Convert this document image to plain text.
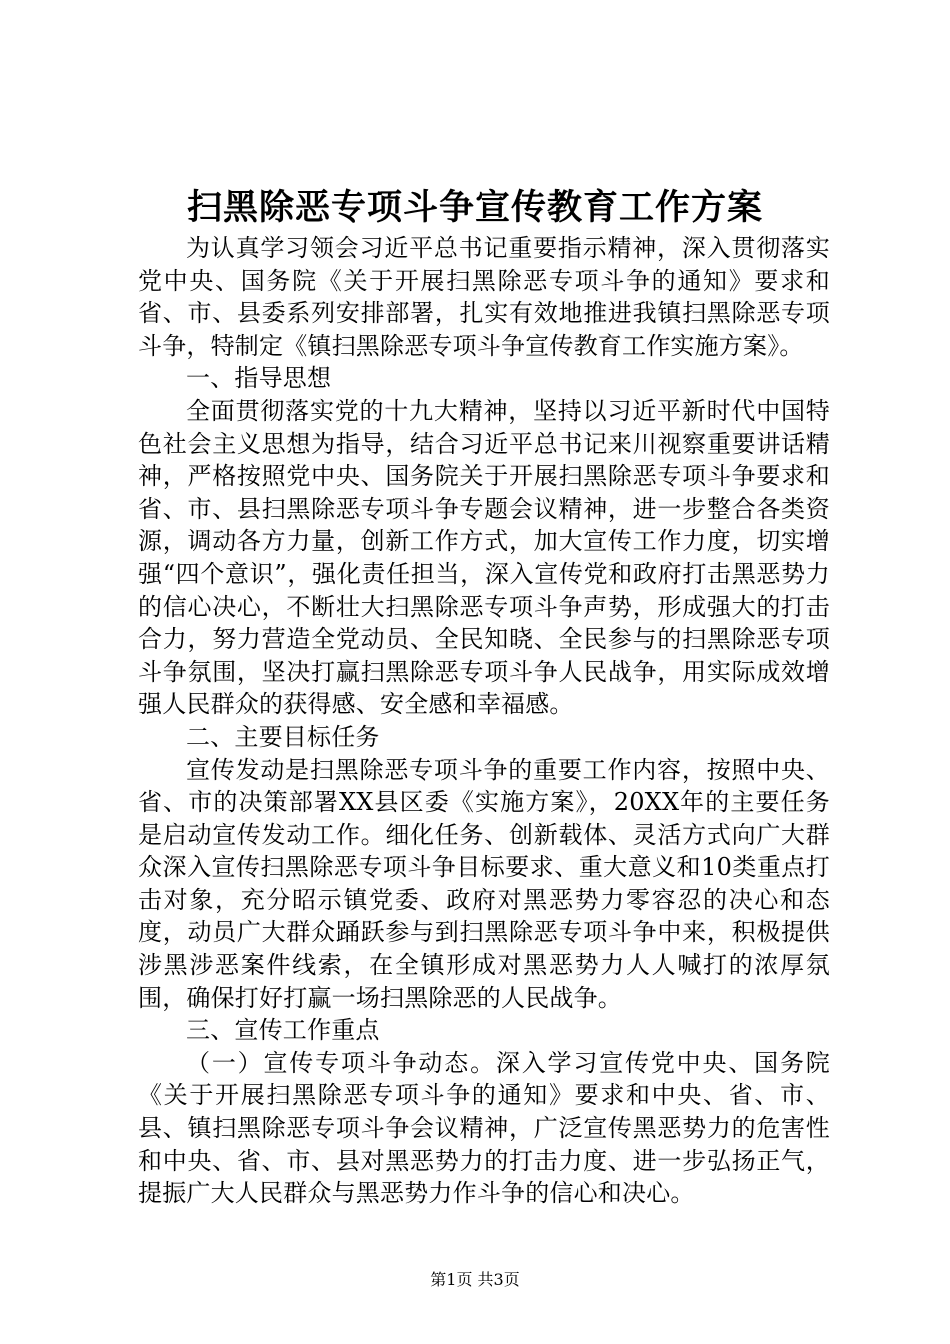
扫黑除恶专项斗争宣传教育工作方案

为认真学习领会习近平总书记重要指示精神，深入贯彻落实党中央、国务院《关于开展扫黑除恶专项斗争的通知》要求和省、市、县委系列安排部署，扎实有效地推进我镇扫黑除恶专项斗争，特制定《镇扫黑除恶专项斗争宣传教育工作实施方案》。

一、指导思想

全面贯彻落实党的十九大精神，坚持以习近平新时代中国特色社会主义思想为指导，结合习近平总书记来川视察重要讲话精神，严格按照党中央、国务院关于开展扫黑除恶专项斗争要求和省、市、县扫黑除恶专项斗争专题会议精神，进一步整合各类资源，调动各方力量，创新工作方式，加大宣传工作力度，切实增强“四个意识”，强化责任担当，深入宣传党和政府打击黑恶势力的信心决心，不断壮大扫黑除恶专项斗争声势，形成强大的打击合力，努力营造全党动员、全民知晓、全民参与的扫黑除恶专项斗争氛围，坚决打赢扫黑除恶专项斗争人民战争，用实际成效增强人民群众的获得感、安全感和幸福感。

二、主要目标任务

宣传发动是扫黑除恶专项斗争的重要工作内容，按照中央、省、市的决策部署XX县区委《实施方案》，20XX年的主要任务是启动宣传发动工作。细化任务、创新载体、灵活方式向广大群众深入宣传扫黑除恶专项斗争目标要求、重大意义和10类重点打击对象，充分昭示镇党委、政府对黑恶势力零容忍的决心和态度，动员广大群众踊跃参与到扫黑除恶专项斗争中来，积极提供涉黑涉恶案件线索，在全镇形成对黑恶势力人人喊打的浓厚氛围，确保打好打赢一场扫黑除恶的人民战争。

三、宣传工作重点

（一）宣传专项斗争动态。深入学习宣传党中央、国务院《关于开展扫黑除恶专项斗争的通知》要求和中央、省、市、县、镇扫黑除恶专项斗争会议精神，广泛宣传黑恶势力的危害性和中央、省、市、县对黑恶势力的打击力度、进一步弘扬正气，提振广大人民群众与黑恶势力作斗争的信心和决心。

第1页 共3页
